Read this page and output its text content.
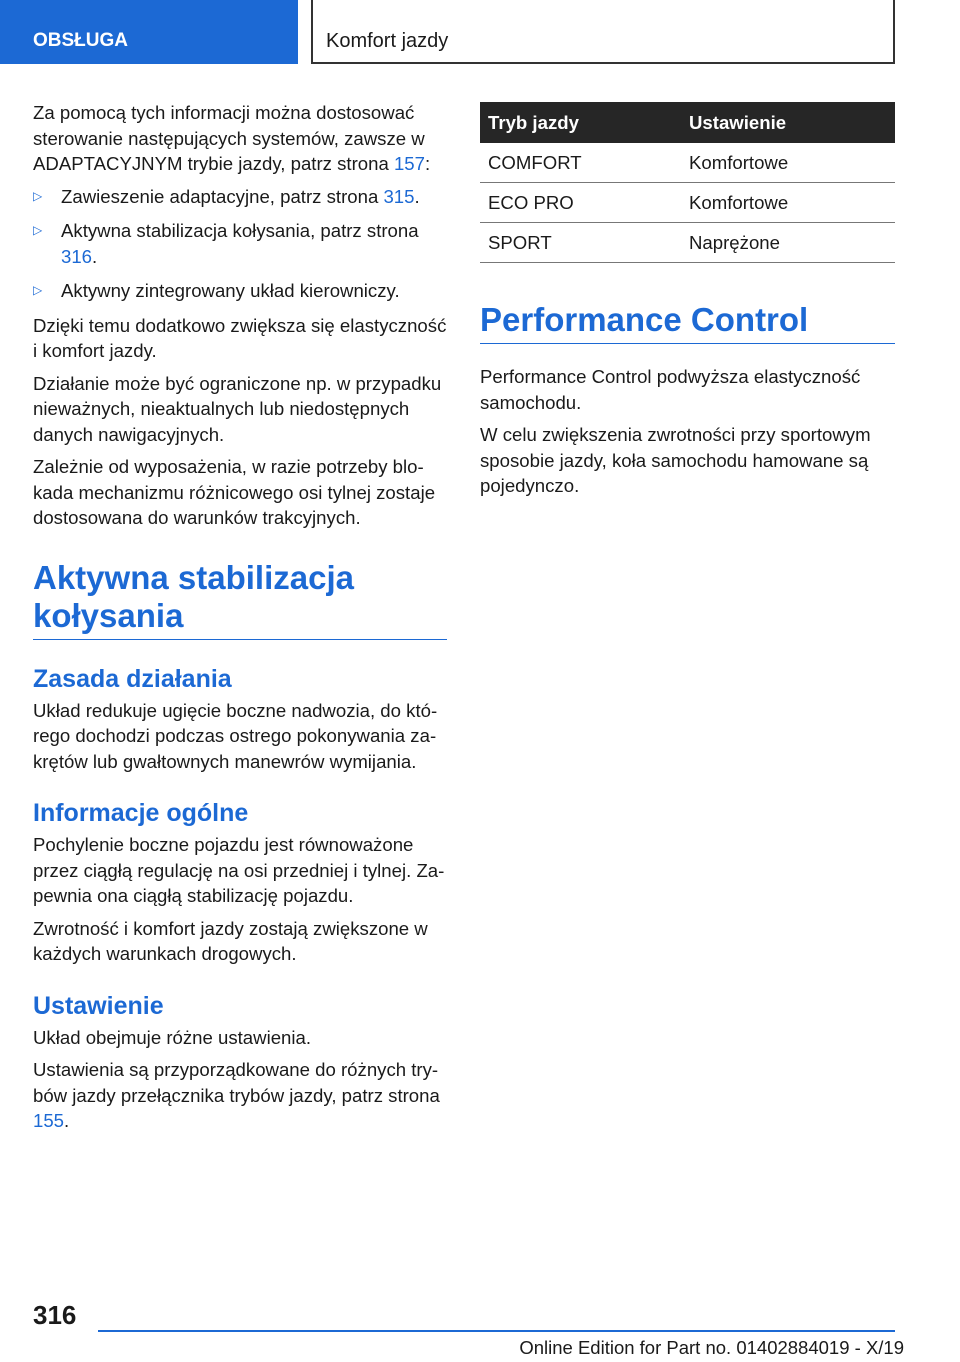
OBSŁUGA	Komfort jazdy

Za pomocą tych informacji można dostosować sterowanie następujących systemów, zawsze w ADAPTACYJNYM trybie jazdy, patrz strona 157:

▷ Zawieszenie adaptacyjne, patrz strona 315.
▷ Aktywna stabilizacja kołysania, patrz strona 316.
▷ Aktywny zintegrowany układ kierowniczy.

Dzięki temu dodatkowo zwiększa się elastyczność i komfort jazdy.

Działanie może być ograniczone np. w przypadku nieważnych, nieaktualnych lub niedostępnych danych nawigacyjnych.

Zależnie od wyposażenia, w razie potrzeby blokada mechanizmu różnicowego osi tylnej zostaje dostosowana do warunków trakcyjnych.

Aktywna stabilizacja kołysania
Zasada działania

Układ redukuje ugięcie boczne nadwozia, do którego dochodzi podczas ostrego pokonywania zakrętów lub gwałtownych manewrów wymijania.

Informacje ogólne

Pochylenie boczne pojazdu jest równoważone przez ciągłą regulację na osi przedniej i tylnej. Zapewnia ona ciągłą stabilizację pojazdu.

Zwrotność i komfort jazdy zostają zwiększone w każdych warunkach drogowych.

Ustawienie

Układ obejmuje różne ustawienia.

Ustawienia są przyporządkowane do różnych trybów jazdy przełącznika trybów jazdy, patrz strona 155.

Tryb jazdy	Ustawienie
COMFORT	Komfortowe
ECO PRO	Komfortowe
SPORT	Naprężone
Performance Control

Performance Control podwyższa elastyczność samochodu.

W celu zwiększenia zwrotności przy sportowym sposobie jazdy, koła samochodu hamowane są pojedynczo.

316
Online Edition for Part no. 01402884019 - X/19
